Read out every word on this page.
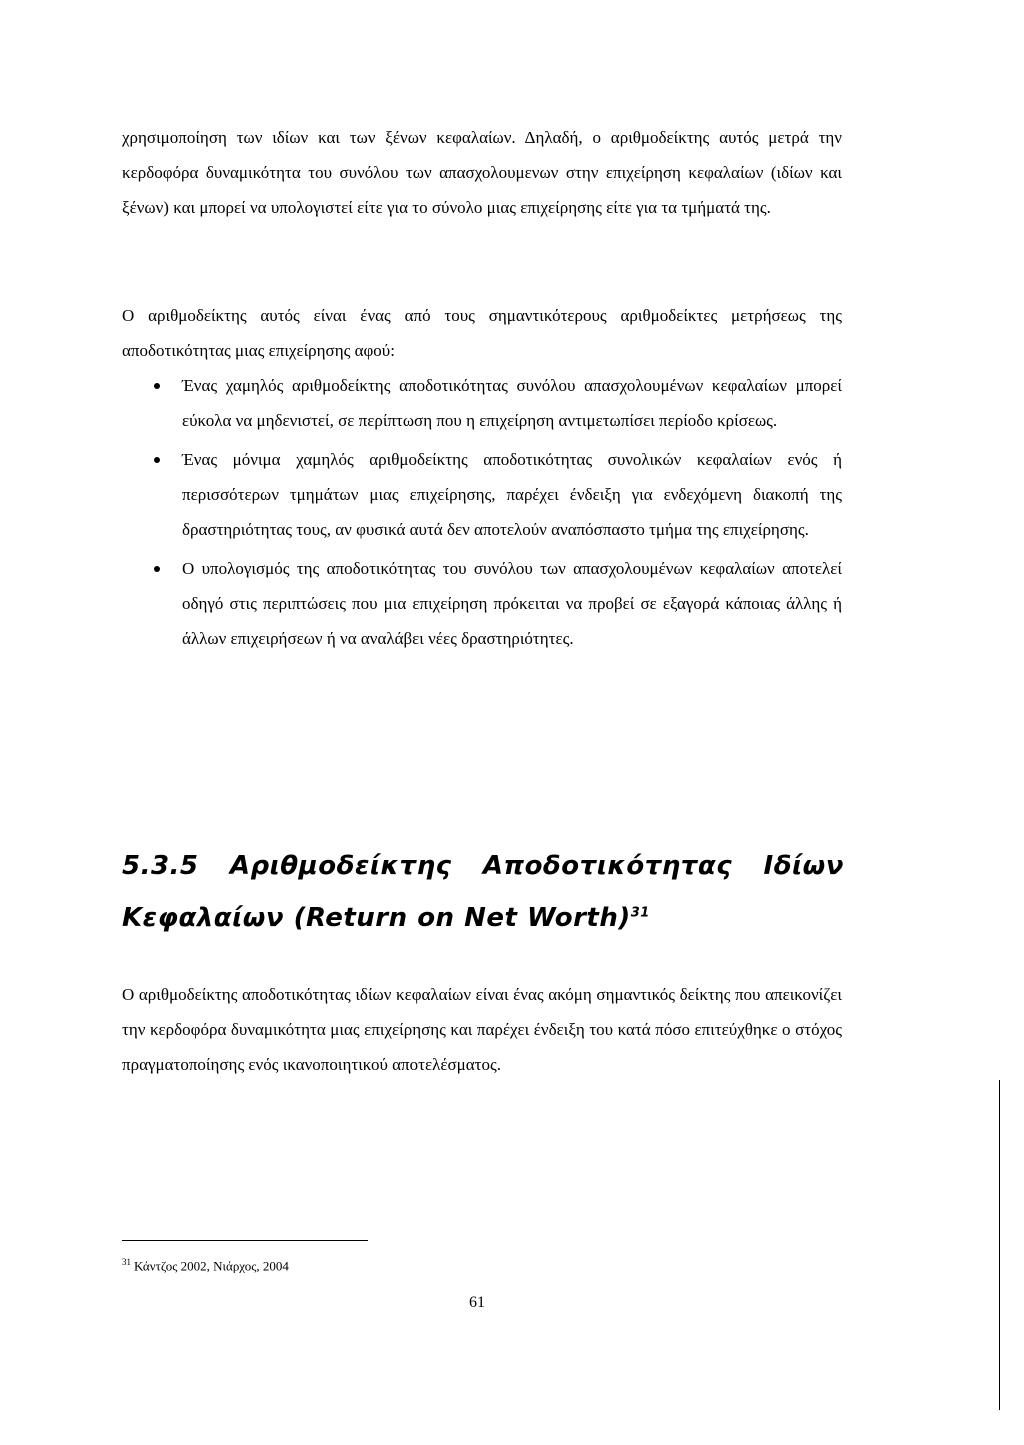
χρησιμοποίηση των ιδίων και των ξένων κεφαλαίων. Δηλαδή, ο αριθμοδείκτης αυτός μετρά την κερδοφόρα δυναμικότητα του συνόλου των απασχολουμενων στην επιχείρηση κεφαλαίων (ιδίων και ξένων) και μπορεί να υπολογιστεί είτε για το σύνολο μιας επιχείρησης είτε για τα τμήματά της.

Ο αριθμοδείκτης αυτός είναι ένας από τους σημαντικότερους αριθμοδείκτες μετρήσεως της αποδοτικότητας μιας επιχείρησης αφού:

Ένας χαμηλός αριθμοδείκτης αποδοτικότητας συνόλου απασχολουμένων κεφαλαίων μπορεί εύκολα να μηδενιστεί, σε περίπτωση που η επιχείρηση αντιμετωπίσει περίοδο κρίσεως.
Ένας μόνιμα χαμηλός αριθμοδείκτης αποδοτικότητας συνολικών κεφαλαίων ενός ή περισσότερων τμημάτων μιας επιχείρησης, παρέχει ένδειξη για ενδεχόμενη διακοπή της δραστηριότητας τους, αν φυσικά αυτά δεν αποτελούν αναπόσπαστο τμήμα της επιχείρησης.
Ο υπολογισμός της αποδοτικότητας του συνόλου των απασχολουμένων κεφαλαίων αποτελεί οδηγό στις περιπτώσεις που μια επιχείρηση πρόκειται να προβεί σε εξαγορά κάποιας άλλης ή άλλων επιχειρήσεων ή να αναλάβει νέες δραστηριότητες.
5.3.5 Αριθμοδείκτης Αποδοτικότητας Ιδίων
Κεφαλαίων (Return on Net Worth)$^{31}$

Ο αριθμοδείκτης αποδοτικότητας ιδίων κεφαλαίων είναι ένας ακόμη σημαντικός δείκτης που απεικονίζει την κερδοφόρα δυναμικότητα μιας επιχείρησης και παρέχει ένδειξη του κατά πόσο επιτεύχθηκε ο στόχος πραγματοποίησης ενός ικανοποιητικού αποτελέσματος.

$^{31}$ Κάντζος 2002, Νιάρχος, 2004

61
